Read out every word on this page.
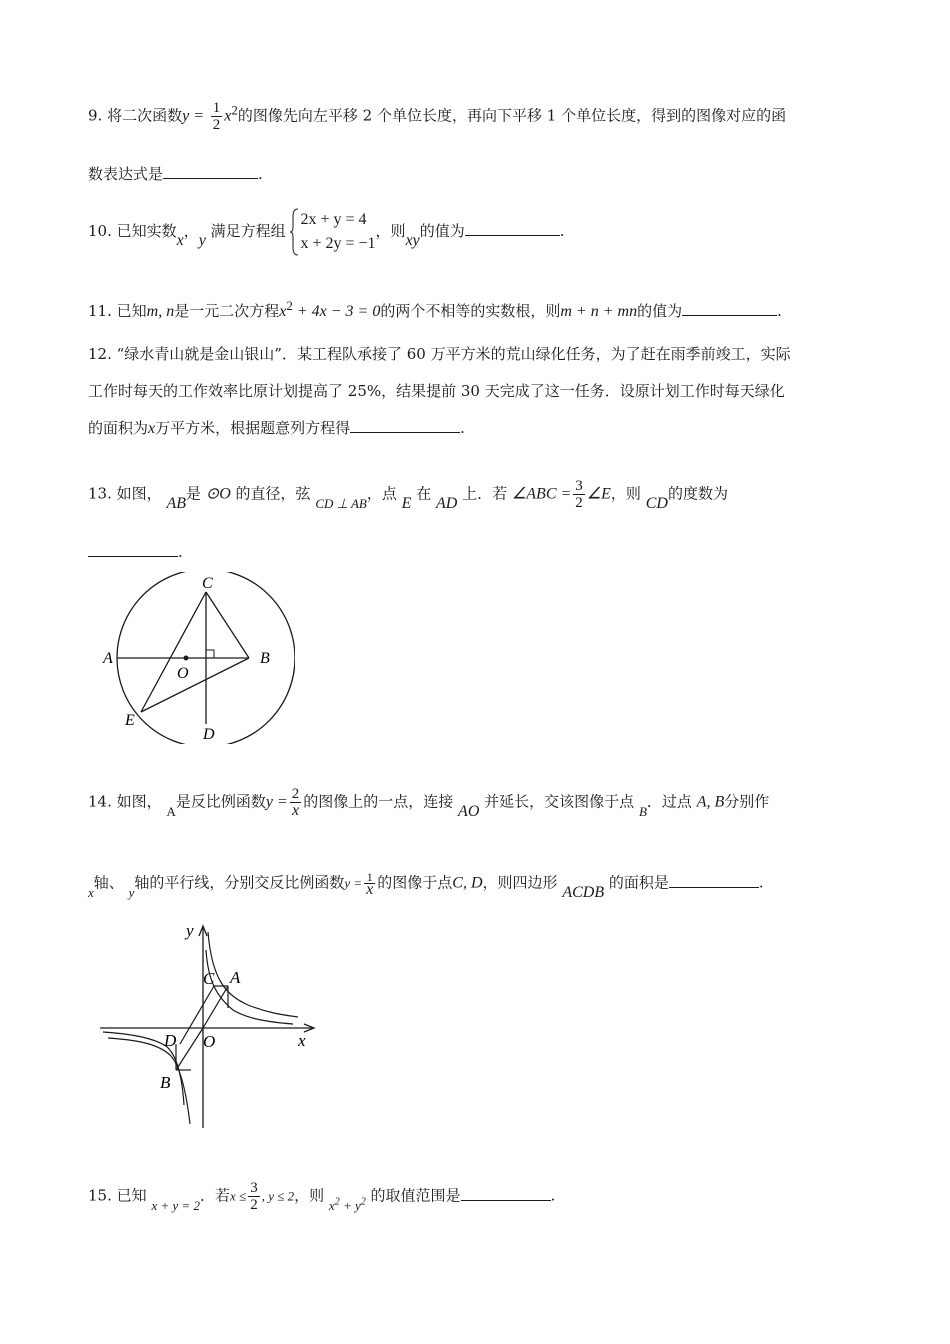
9. 将二次函数$y = \frac{1}{2} x^2$的图像先向左平移 2 个单位长度，再向下平移 1 个单位长度，得到的图像对应的函
数表达式是	.
10. 已知实数x，y 满足方程组
2x + y = 4
x + 2y = −1
，则xy的值为	.
11. 已知m, n是一元二次方程$x^2 + 4x - 3 = 0$的两个不相等的实数根，则m + n + mn的值为	.
12. “绿水青山就是金山银山”．某工程队承接了 60 万平方米的荒山绿化任务，为了赶在雨季前竣工，实际
工作时每天的工作效率比原计划提高了 25%，结果提前 30 天完成了这一任务．设原计划工作时每天绿化
的面积为x万平方米，根据题意列方程得	.
13. 如图， AB是 ⊙O 的直径，弦 CD ⊥ AB，点 E 在 AD 上．若 ∠ABC = $\frac{3}{2}$ ∠E，则 CD的度数为
.
C
A	B
O
E
D
14. 如图， A是反比例函数$y = \frac{2}{x}$ 的图像上的一点，连接 AO 并延长，交该图像于点 B．过点 A, B分别作
x轴、 y轴的平行线，分别交反比例函数$y = \frac{1}{x}$ 的图像于点C, D，则四边形 ACDB 的面积是	.
y
x
O
A
C
D
B
15. 已知 x + y = 2．若$x \le \frac{3}{2}$ , y ≤ 2，则 $x^2 + y^2$ 的取值范围是	.
